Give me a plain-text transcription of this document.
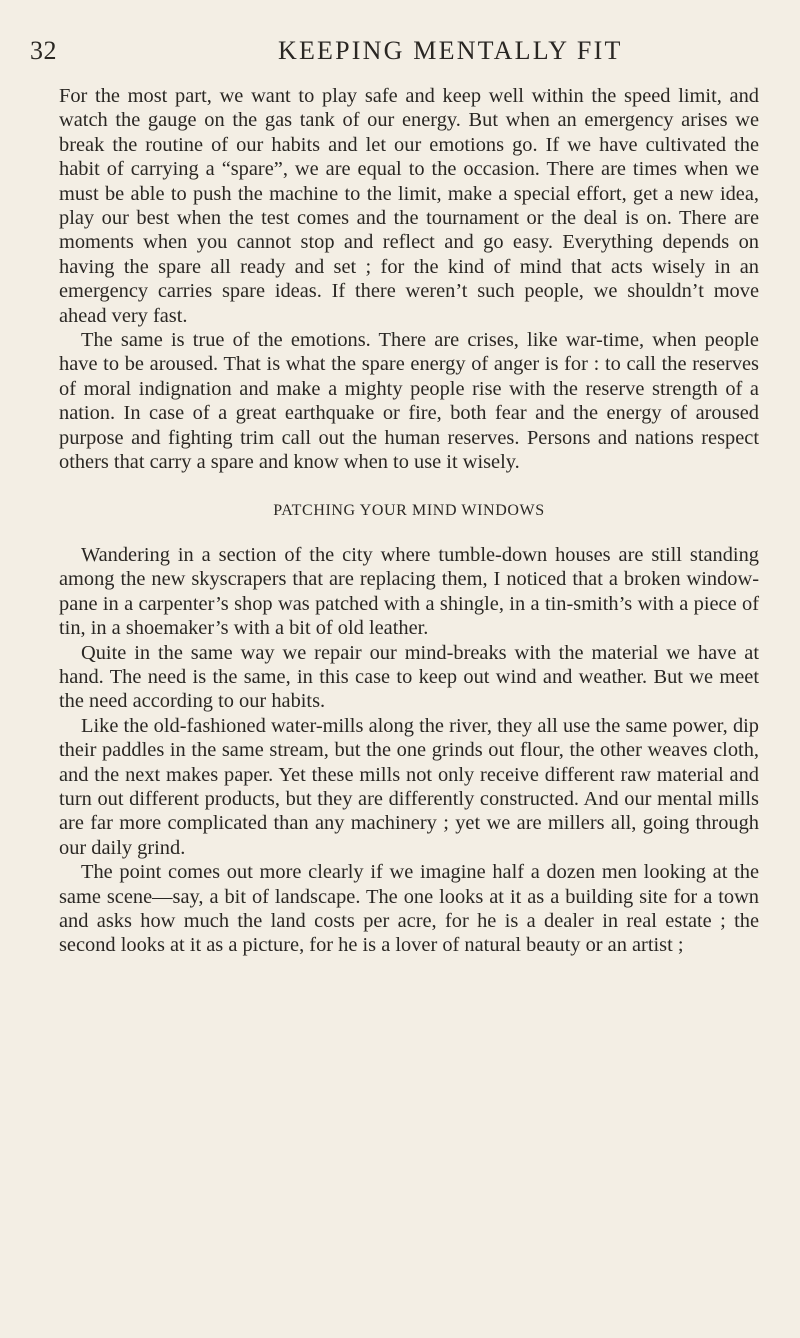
32	KEEPING MENTALLY FIT

For the most part, we want to play safe and keep well within the speed limit, and watch the gauge on the gas tank of our energy. But when an emergency arises we break the routine of our habits and let our emotions go. If we have cultivated the habit of carrying a “spare”, we are equal to the occasion. There are times when we must be able to push the machine to the limit, make a special effort, get a new idea, play our best when the test comes and the tournament or the deal is on. There are moments when you cannot stop and reflect and go easy. Everything depends on having the spare all ready and set ; for the kind of mind that acts wisely in an emergency carries spare ideas. If there weren’t such people, we shouldn’t move ahead very fast.

The same is true of the emotions. There are crises, like war-time, when people have to be aroused. That is what the spare energy of anger is for : to call the reserves of moral indignation and make a mighty people rise with the reserve strength of a nation. In case of a great earthquake or fire, both fear and the energy of aroused purpose and fighting trim call out the human reserves. Persons and nations respect others that carry a spare and know when to use it wisely.

PATCHING YOUR MIND WINDOWS

Wandering in a section of the city where tumble-down houses are still standing among the new skyscrapers that are replacing them, I noticed that a broken window-pane in a carpenter’s shop was patched with a shingle, in a tin-smith’s with a piece of tin, in a shoemaker’s with a bit of old leather.

Quite in the same way we repair our mind-breaks with the material we have at hand. The need is the same, in this case to keep out wind and weather. But we meet the need according to our habits.

Like the old-fashioned water-mills along the river, they all use the same power, dip their paddles in the same stream, but the one grinds out flour, the other weaves cloth, and the next makes paper. Yet these mills not only receive different raw material and turn out different products, but they are differently constructed. And our mental mills are far more complicated than any machinery ; yet we are millers all, going through our daily grind.

The point comes out more clearly if we imagine half a dozen men looking at the same scene—say, a bit of landscape. The one looks at it as a building site for a town and asks how much the land costs per acre, for he is a dealer in real estate ; the second looks at it as a picture, for he is a lover of natural beauty or an artist ;
